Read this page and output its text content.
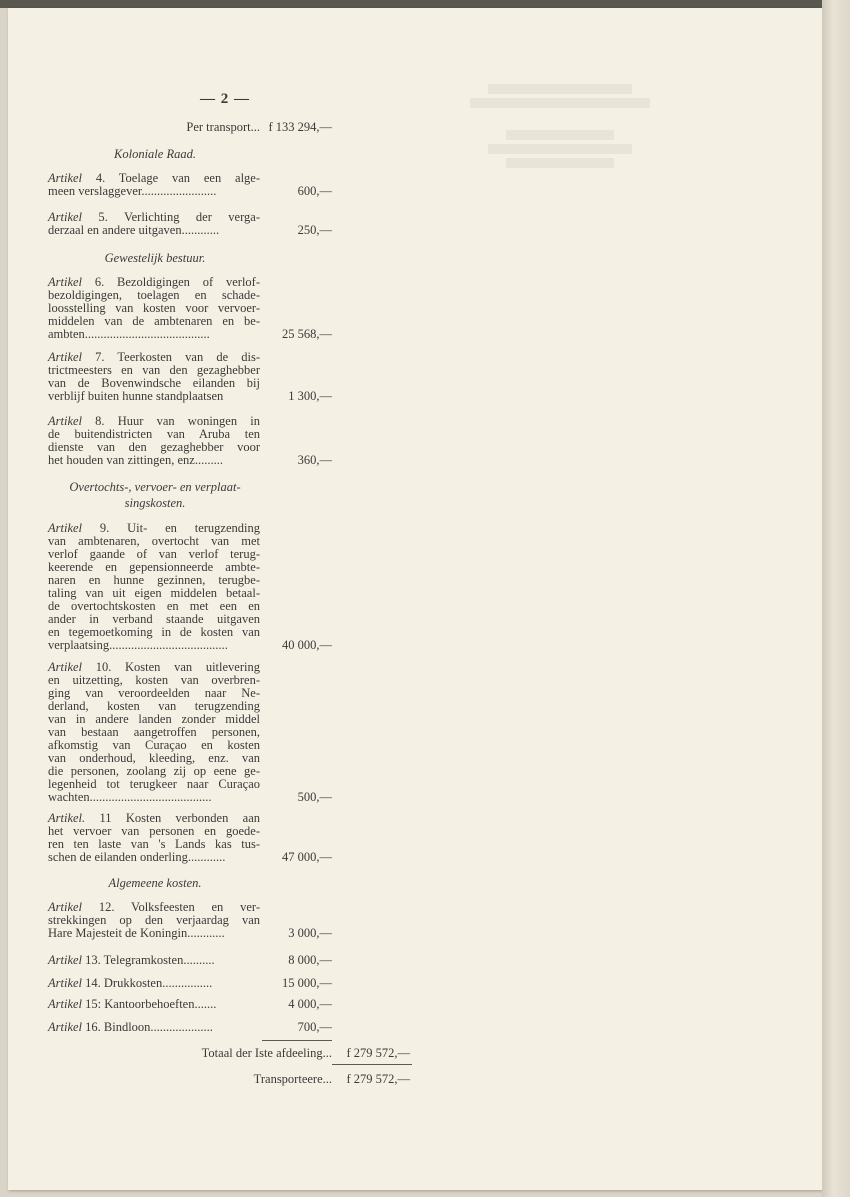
— 2 —
Per transport... f 133 294,—
Koloniale Raad.
Gewestelijk bestuur.
Overtochts-, vervoer- en verplaat-
singskosten.
Algemeene kosten.
Artikel 4. Toelage van een alge-
meen verslaggever........................	600,—
Artikel 5. Verlichting der verga-
derzaal en andere uitgaven............	250,—
Artikel 6. Bezoldigingen of verlof-
bezoldigingen, toelagen en schade-
loosstelling van kosten voor vervoer-
middelen van de ambtenaren en be-
ambten........................................	25 568,—
Artikel 7. Teerkosten van de dis-
trictmeesters en van den gezaghebber
van de Bovenwindsche eilanden bij
verblijf buiten hunne standplaatsen	1 300,—
Artikel 8. Huur van woningen in
de buitendistricten van Aruba ten
dienste van den gezaghebber voor
het houden van zittingen, enz.........	360,—
Artikel 9. Uit- en terugzending
van ambtenaren, overtocht van met
verlof gaande of van verlof terug-
keerende en gepensionneerde ambte-
naren en hunne gezinnen, terugbe-
taling van uit eigen middelen betaal-
de overtochtskosten en met een en
ander in verband staande uitgaven
en tegemoetkoming in de kosten van
verplaatsing......................................	40 000,—
Artikel 10. Kosten van uitlevering
en uitzetting, kosten van overbren-
ging van veroordeelden naar Ne-
derland, kosten van terugzending
van in andere landen zonder middel
van bestaan aangetroffen personen,
afkomstig van Curaçao en kosten
van onderhoud, kleeding, enz. van
die personen, zoolang zij op eene ge-
legenheid tot terugkeer naar Curaçao
wachten.......................................	500,—
Artikel. 11 Kosten verbonden aan
het vervoer van personen en goede-
ren ten laste van 's Lands kas tus-
schen de eilanden onderling............	47 000,—
Artikel 12. Volksfeesten en ver-
strekkingen op den verjaardag van
Hare Majesteit de Koningin............	3 000,—
Artikel 13. Telegramkosten..........	8 000,—
Artikel 14. Drukkosten................	15 000,—
Artikel 15: Kantoorbehoeften.......	4 000,—
Artikel 16. Bindloon....................	700,—
Totaal der Iste afdeeling...	f 279 572,—
Transporteere...	f 279 572,—
